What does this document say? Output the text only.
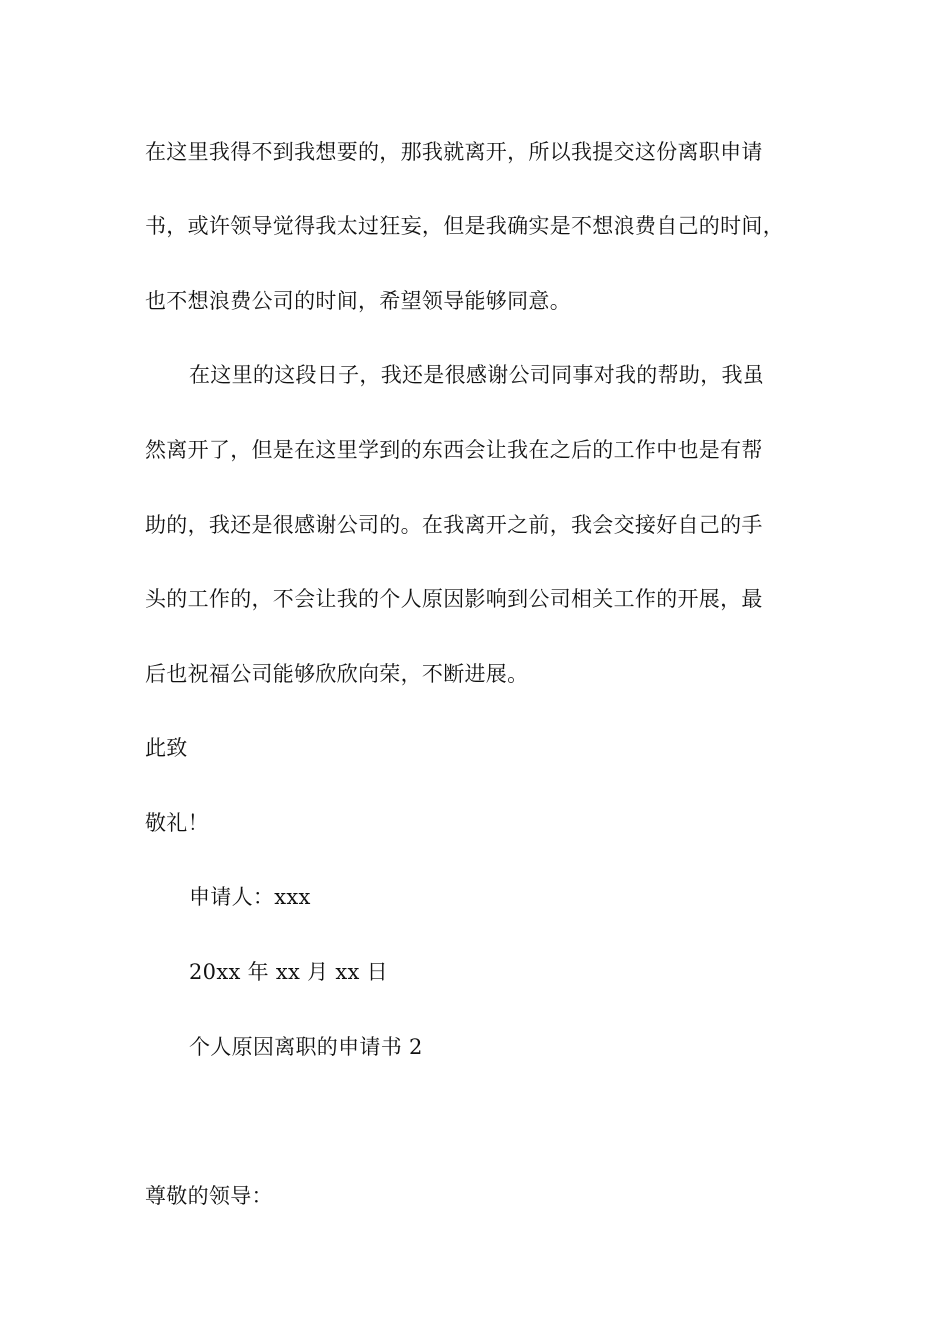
在这里我得不到我想要的，那我就离开，所以我提交这份离职申请
书，或许领导觉得我太过狂妄，但是我确实是不想浪费自己的时间，
也不想浪费公司的时间，希望领导能够同意。
在这里的这段日子，我还是很感谢公司同事对我的帮助，我虽
然离开了，但是在这里学到的东西会让我在之后的工作中也是有帮
助的，我还是很感谢公司的。在我离开之前，我会交接好自己的手
头的工作的，不会让我的个人原因影响到公司相关工作的开展，最
后也祝福公司能够欣欣向荣，不断进展。
此致
敬礼！
申请人：xxx
20xx 年 xx 月 xx 日
个人原因离职的申请书 2
尊敬的领导：
